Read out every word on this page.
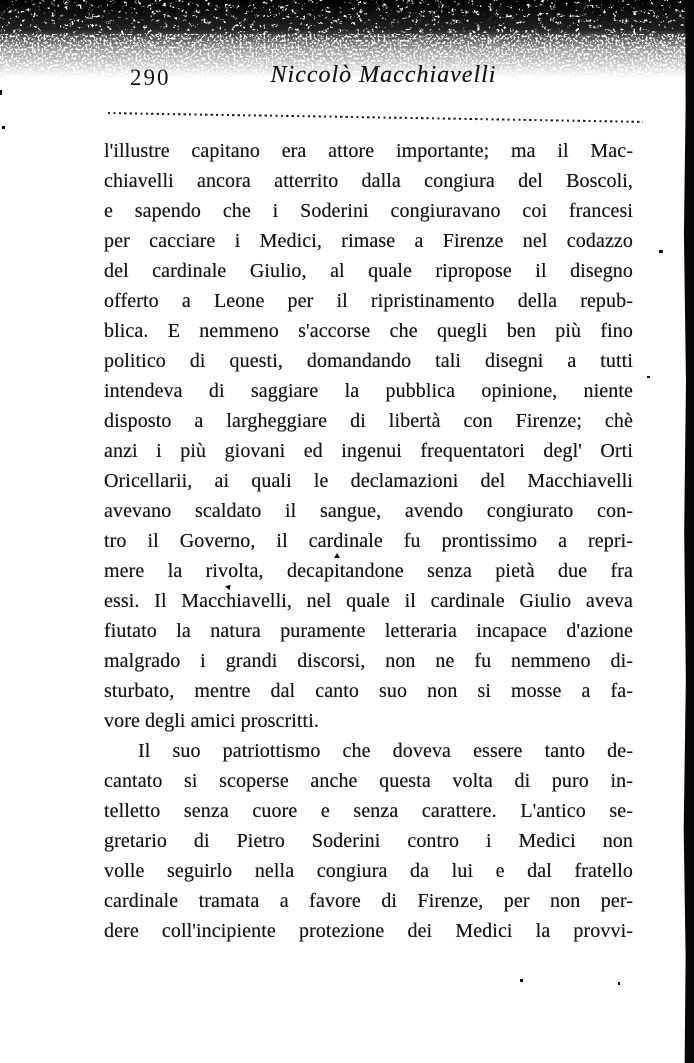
290	Niccolò Macchiavelli
l'illustre capitano era attore importante; ma il Mac-
chiavelli ancora atterrito dalla congiura del Boscoli,
e sapendo che i Soderini congiuravano coi francesi
per cacciare i Medici, rimase a Firenze nel codazzo
del cardinale Giulio, al quale ripropose il disegno
offerto a Leone per il ripristinamento della repub-
blica. E nemmeno s'accorse che quegli ben più fino
politico di questi, domandando tali disegni a tutti
intendeva di saggiare la pubblica opinione, niente
disposto a largheggiare di libertà con Firenze; chè
anzi i più giovani ed ingenui frequentatori degl' Orti
Oricellarii, ai quali le declamazioni del Macchiavelli
avevano scaldato il sangue, avendo congiurato con-
tro il Governo, il cardinale fu prontissimo a repri-
mere la rivolta, decapitandone senza pietà due fra
essi. Il Macchiavelli, nel quale il cardinale Giulio aveva
fiutato la natura puramente letteraria incapace d'azione
malgrado i grandi discorsi, non ne fu nemmeno di-
sturbato, mentre dal canto suo non si mosse a fa-
vore degli amici proscritti.
Il suo patriottismo che doveva essere tanto de-
cantato si scoperse anche questa volta di puro in-
telletto senza cuore e senza carattere. L'antico se-
gretario di Pietro Soderini contro i Medici non
volle seguirlo nella congiura da lui e dal fratello
cardinale tramata a favore di Firenze, per non per-
dere coll'incipiente protezione dei Medici la provvi-
